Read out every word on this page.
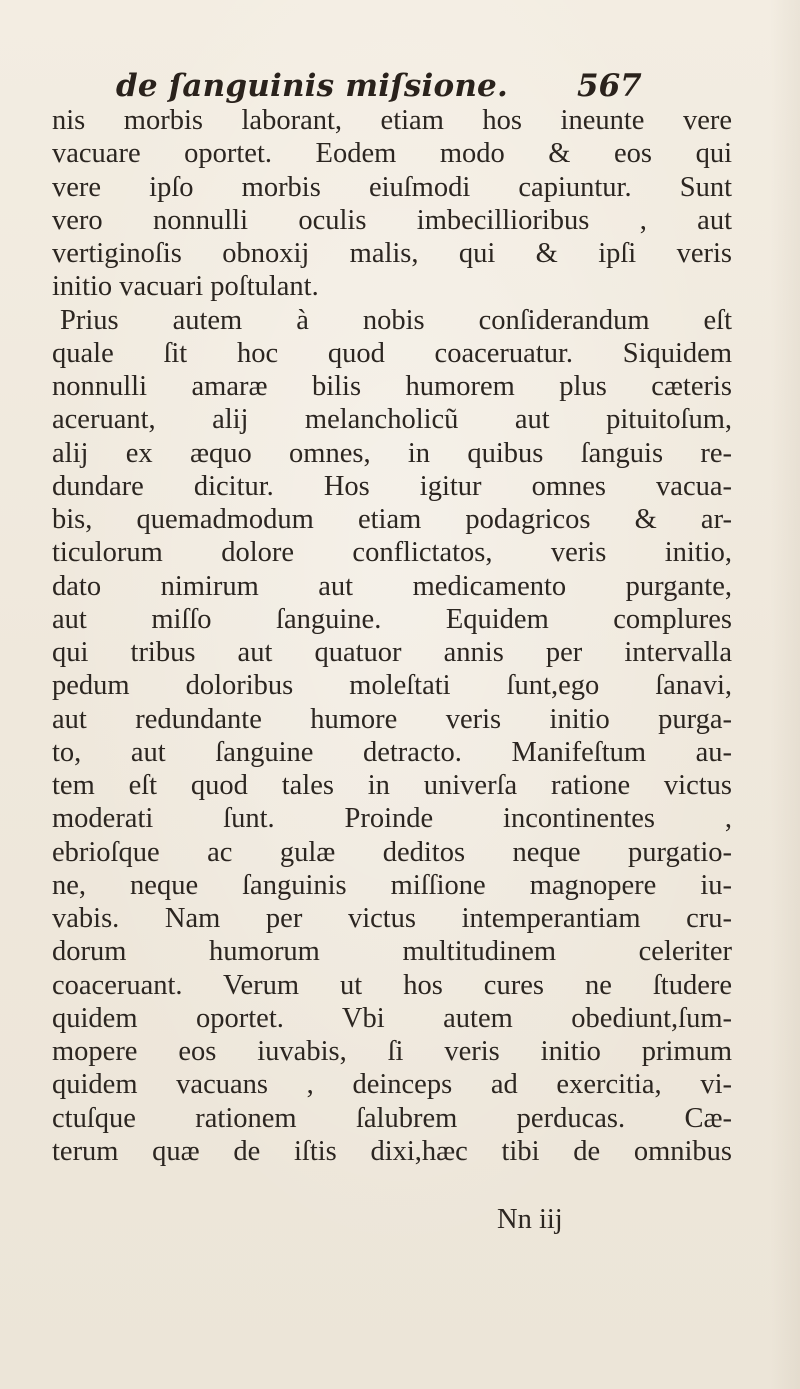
de ſanguinis miſsione. 567
nis morbis laborant, etiam hos ineunte vere
vacuare oportet. Eodem modo & eos qui
vere ipſo morbis eiuſmodi capiuntur. Sunt
vero nonnulli oculis imbecillioribus , aut
vertiginoſis obnoxij malis, qui & ipſi veris
initio vacuari poſtulant.
Prius autem à nobis conſiderandum eſt
quale ſit hoc quod coaceruatur. Siquidem
nonnulli amaræ bilis humorem plus cæteris
aceruant, alij melancholicũ aut pituitoſum,
alij ex æquo omnes, in quibus ſanguis re-
dundare dicitur. Hos igitur omnes vacua-
bis, quemadmodum etiam podagricos & ar-
ticulorum dolore conflictatos, veris initio,
dato nimirum aut medicamento purgante,
aut miſſo ſanguine. Equidem complures
qui tribus aut quatuor annis per intervalla
pedum doloribus moleſtati ſunt,ego ſanavi,
aut redundante humore veris initio purga-
to, aut ſanguine detracto. Manifeſtum au-
tem eſt quod tales in univerſa ratione victus
moderati ſunt. Proinde incontinentes ,
ebrioſque ac gulæ deditos neque purgatio-
ne, neque ſanguinis miſſione magnopere iu-
vabis. Nam per victus intemperantiam cru-
dorum humorum multitudinem celeriter
coaceruant. Verum ut hos cures ne ſtudere
quidem oportet. Vbi autem obediunt,ſum-
mopere eos iuvabis, ſi veris initio primum
quidem vacuans , deinceps ad exercitia, vi-
ctuſque rationem ſalubrem perducas. Cæ-
terum quæ de iſtis dixi,hæc tibi de omnibus
Nn iij
